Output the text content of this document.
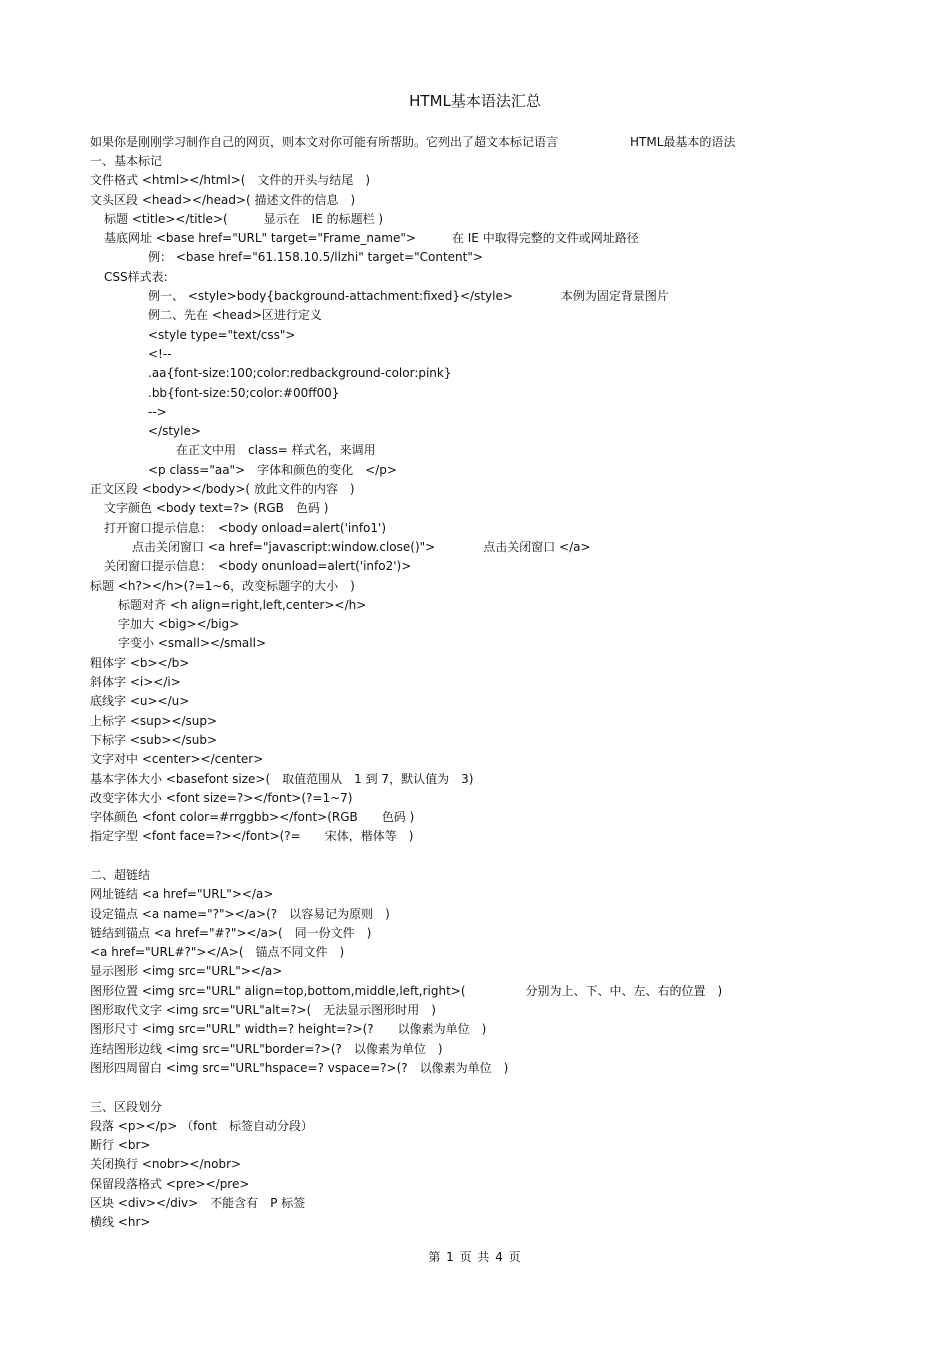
HTML基本语法汇总
如果你是刚刚学习制作自己的网页，则本文对你可能有所帮助。它列出了超文本标记语言　　　　　　HTML最基本的语法
一、基本标记
文件格式 <html></html>(　文件的开头与结尾　)
文头区段 <head></head>( 描述文件的信息　)
标题 <title></title>(　　　显示在　IE 的标题栏 )
基底网址 <base href="URL" target="Frame_name">　　　在 IE 中取得完整的文件或网址路径
例： <base href="61.158.10.5/llzhi" target="Content">
CSS样式表:
例一、 <style>body{background-attachment:fixed}</style>　　　　本例为固定背景图片
例二、先在 <head>区进行定义
<style type="text/css">
<!--
.aa{font-size:100;color:redbackground-color:pink}
.bb{font-size:50;color:#00ff00}
-->
</style>
在正文中用　class= 样式名，来调用
<p class="aa">　字体和颜色的变化　</p>
正文区段 <body></body>( 放此文件的内容　)
文字颜色 <body text=?> (RGB　色码 )
打开窗口提示信息：　<body onload=alert('info1')
点击关闭窗口 <a href="javascript:window.close()">　　　　点击关闭窗口 </a>
关闭窗口提示信息：　<body onunload=alert('info2')>
标题 <h?></h>(?=1~6，改变标题字的大小　)
标题对齐 <h align=right,left,center></h>
字加大 <big></big>
字变小 <small></small>
粗体字 <b></b>
斜体字 <i></i>
底线字 <u></u>
上标字 <sup></sup>
下标字 <sub></sub>
文字对中 <center></center>
基本字体大小 <basefont size>(　取值范围从　1 到 7，默认值为　3)
改变字体大小 <font size=?></font>(?=1~7)
字体颜色 <font color=#rrggbb></font>(RGB　　色码 )
指定字型 <font face=?></font>(?=　　宋体，楷体等　)
二、超链结
网址链结 <a href="URL"></a>
设定锚点 <a name="?"></a>(?　以容易记为原则　)
链结到锚点 <a href="#?"></a>(　同一份文件　)
<a href="URL#?"></A>(　锚点不同文件　)
显示图形 <img src="URL"></a>
图形位置 <img src="URL" align=top,bottom,middle,left,right>(　　　　　分别为上、下、中、左、右的位置　)
图形取代文字 <img src="URL"alt=?>(　无法显示图形时用　)
图形尺寸 <img src="URL" width=? height=?>(?　　以像素为单位　)
连结图形边线 <img src="URL"border=?>(?　以像素为单位　)
图形四周留白 <img src="URL"hspace=? vspace=?>(?　以像素为单位　)
三、区段划分
段落 <p></p> （font　标签自动分段）
断行 <br>
关闭换行 <nobr></nobr>
保留段落格式 <pre></pre>
区块 <div></div>　不能含有　P 标签
横线 <hr>
第 1 页 共 4 页
